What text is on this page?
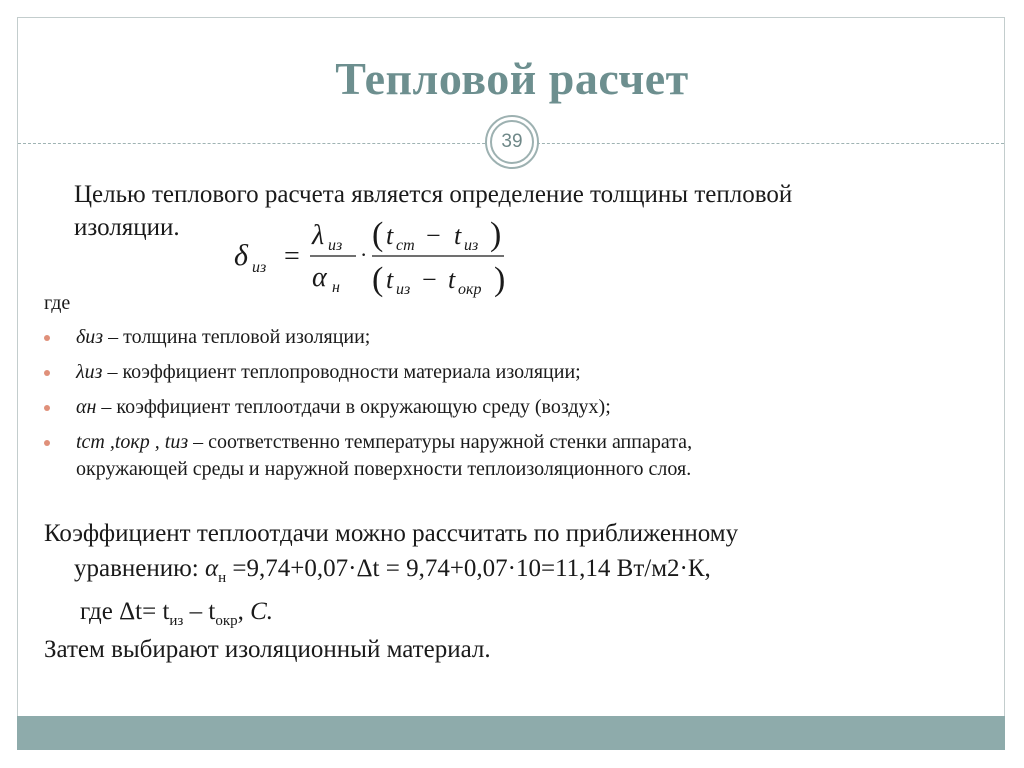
Тепловой расчет
39
Целью теплового расчета является определение толщины тепловой
изоляции.
δ из =
λ из
α н
·
( t ст − t из )
( t из − t окр )
где
δиз – толщина тепловой изоляции;
λиз – коэффициент теплопроводности материала изоляции;
αн – коэффициент теплоотдачи в окружающую среду (воздух);
tст ,tокр , tиз – соответственно температуры наружной стенки аппарата,
окружающей среды и наружной поверхности теплоизоляционного слоя.
Коэффициент теплоотдачи можно рассчитать по приближенному
уравнению: $\alpha_н =9,74+0,07\cdot\Delta t = 9,74+0,07\cdot 10=11,14$ Вт/м2·К,
где $\Delta t= t_{из} - t_{окр}$, С.
Затем выбирают изоляционный материал.
